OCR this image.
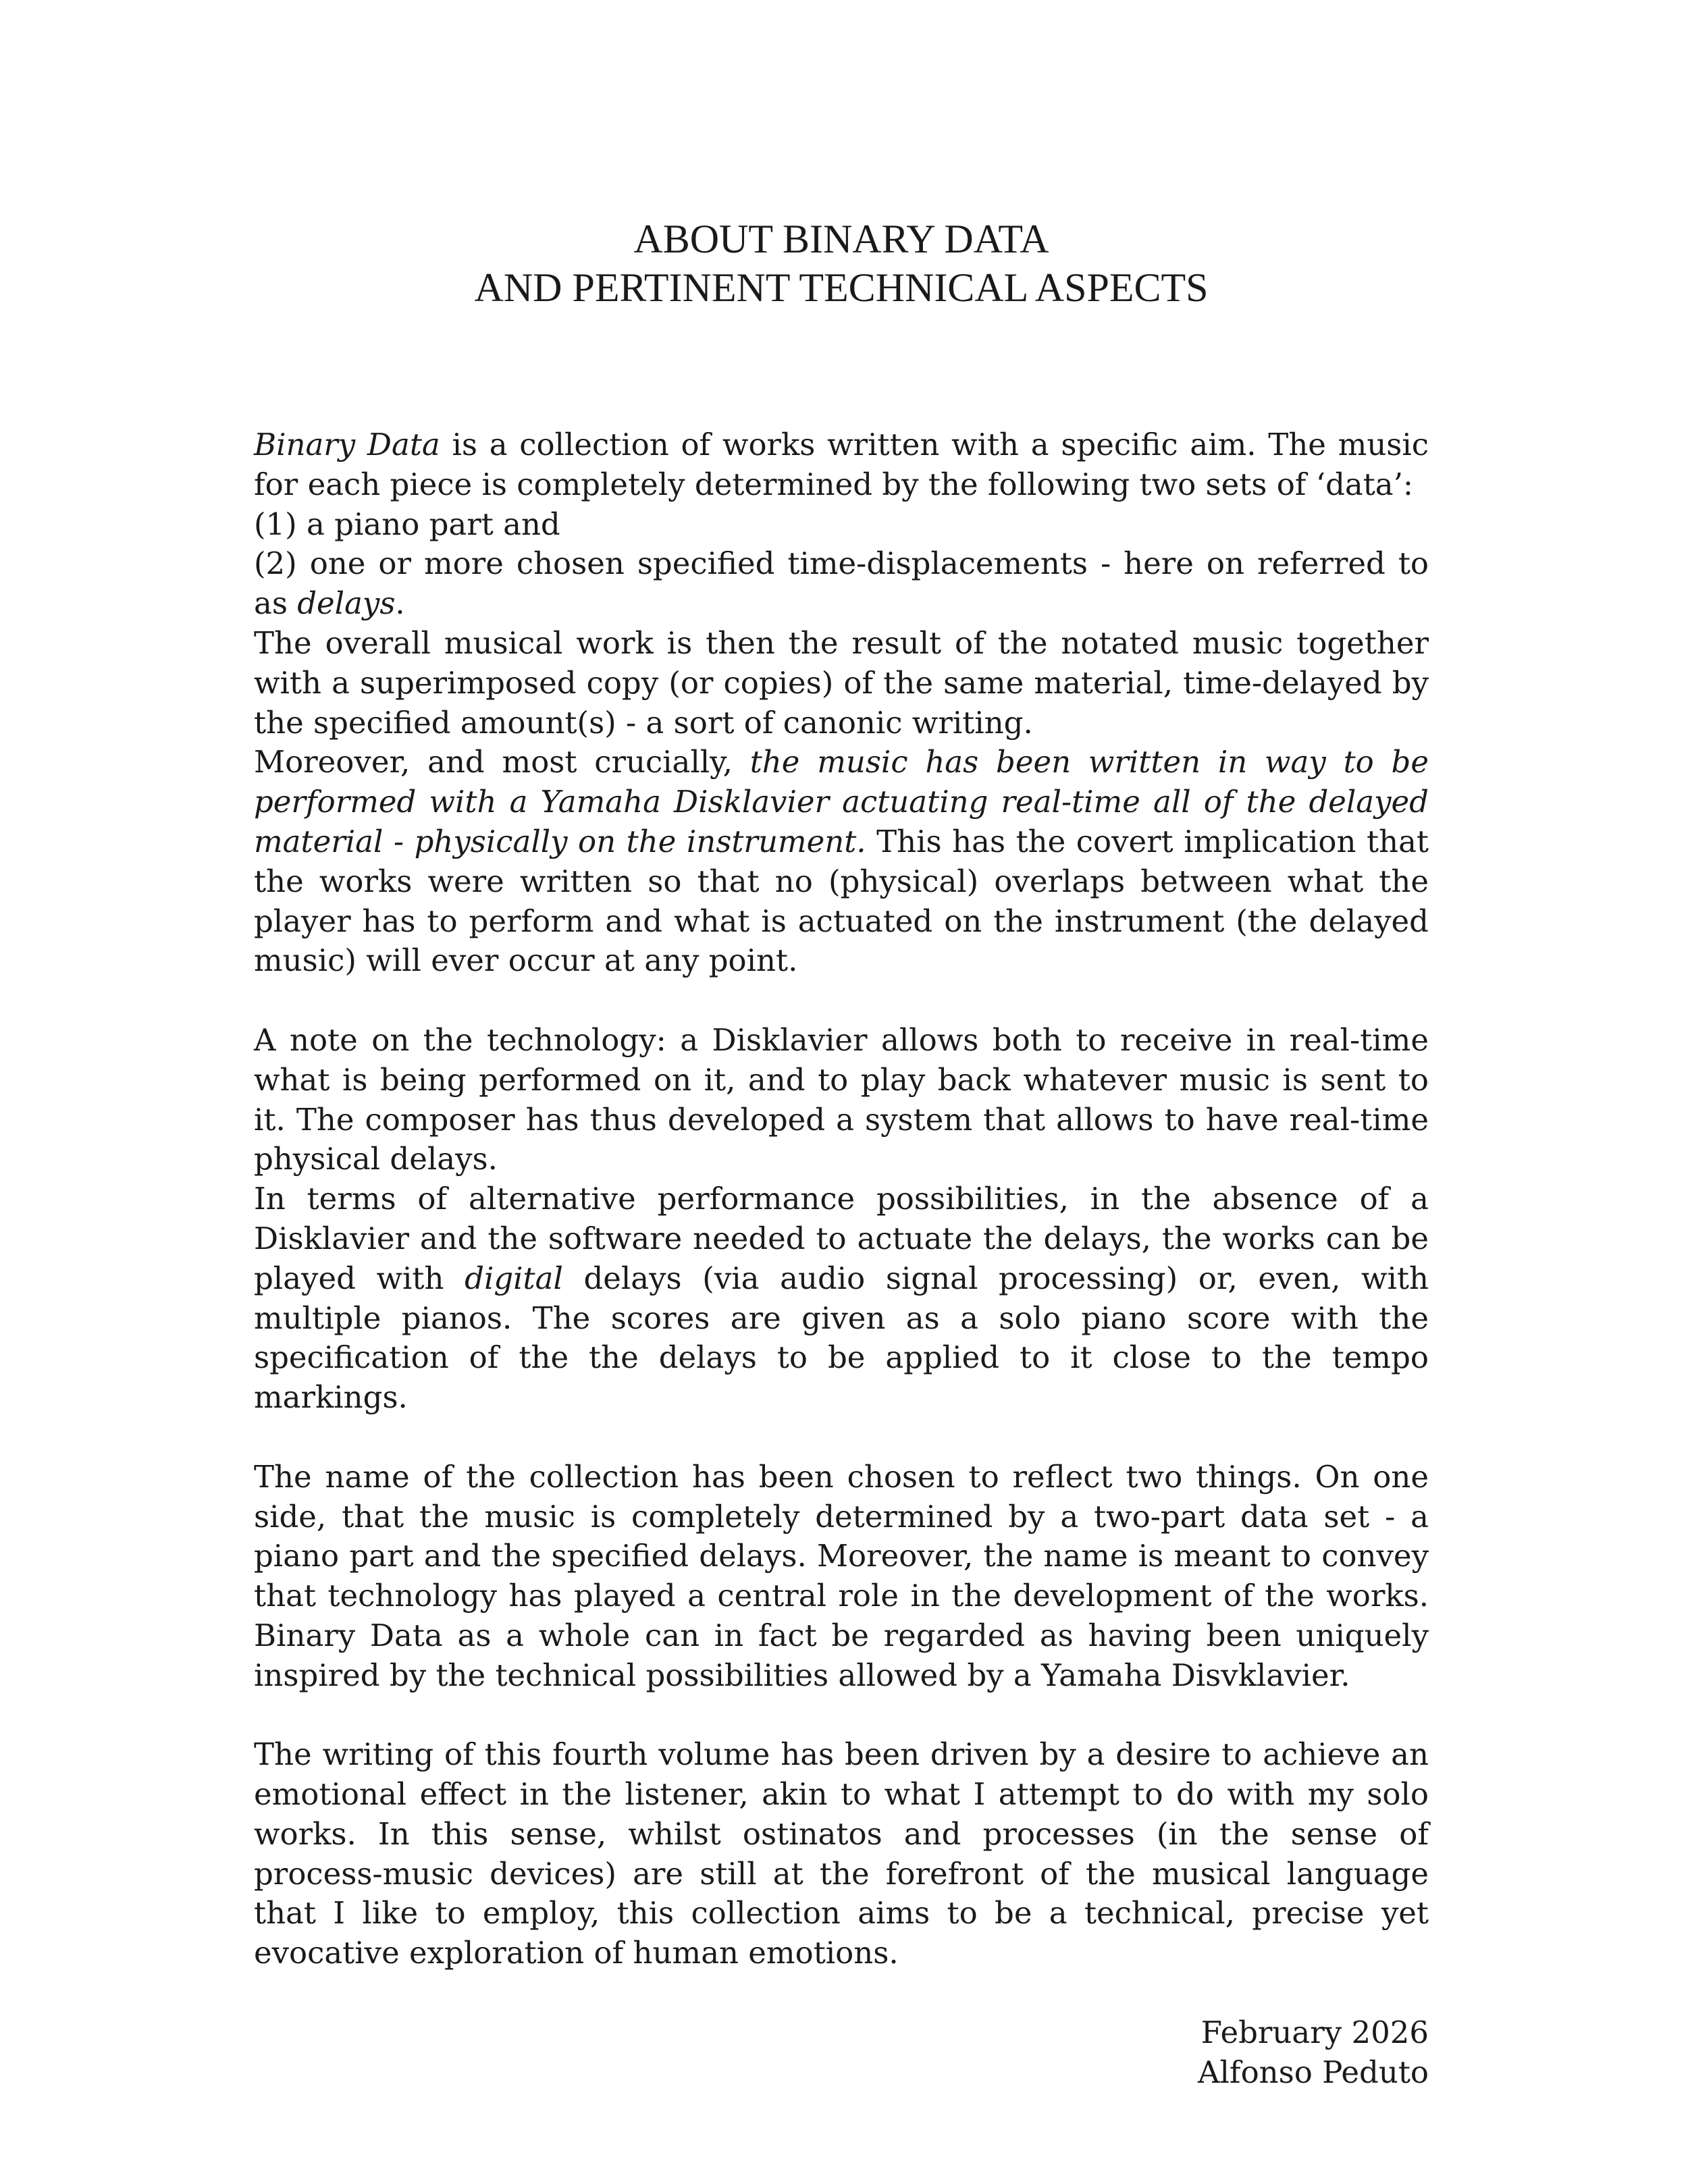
ABOUT BINARY DATA
AND PERTINENT TECHNICAL ASPECTS

Binary Data is a collection of works written with a specific aim. The music for each piece is completely determined by the following two sets of ‘data’:
(1) a piano part and
(2) one or more chosen specified time-displacements - here on referred to as delays.
The overall musical work is then the result of the notated music together with a superimposed copy (or copies) of the same material, time-delayed by the specified amount(s) - a sort of canonic writing.
Moreover, and most crucially, the music has been written in way to be performed with a Yamaha Disklavier actuating real-time all of the delayed material - physically on the instrument. This has the covert implication that the works were written so that no (physical) overlaps between what the player has to perform and what is actuated on the instrument (the delayed music) will ever occur at any point.

A note on the technology: a Disklavier allows both to receive in real-time what is being performed on it, and to play back whatever music is sent to it. The composer has thus developed a system that allows to have real-time physical delays.
In terms of alternative performance possibilities, in the absence of a Disklavier and the software needed to actuate the delays, the works can be played with digital delays (via audio signal processing) or, even, with multiple pianos. The scores are given as a solo piano score with the specification of the the delays to be applied to it close to the tempo markings.

The name of the collection has been chosen to reflect two things. On one side, that the music is completely determined by a two-part data set - a piano part and the specified delays. Moreover, the name is meant to convey that technology has played a central role in the development of the works. Binary Data as a whole can in fact be regarded as having been uniquely inspired by the technical possibilities allowed by a Yamaha Disvklavier.

The writing of this fourth volume has been driven by a desire to achieve an emotional effect in the listener, akin to what I attempt to do with my solo works. In this sense, whilst ostinatos and processes (in the sense of process-music devices) are still at the forefront of the musical language that I like to employ, this collection aims to be a technical, precise yet evocative exploration of human emotions.

February 2026
Alfonso Peduto
